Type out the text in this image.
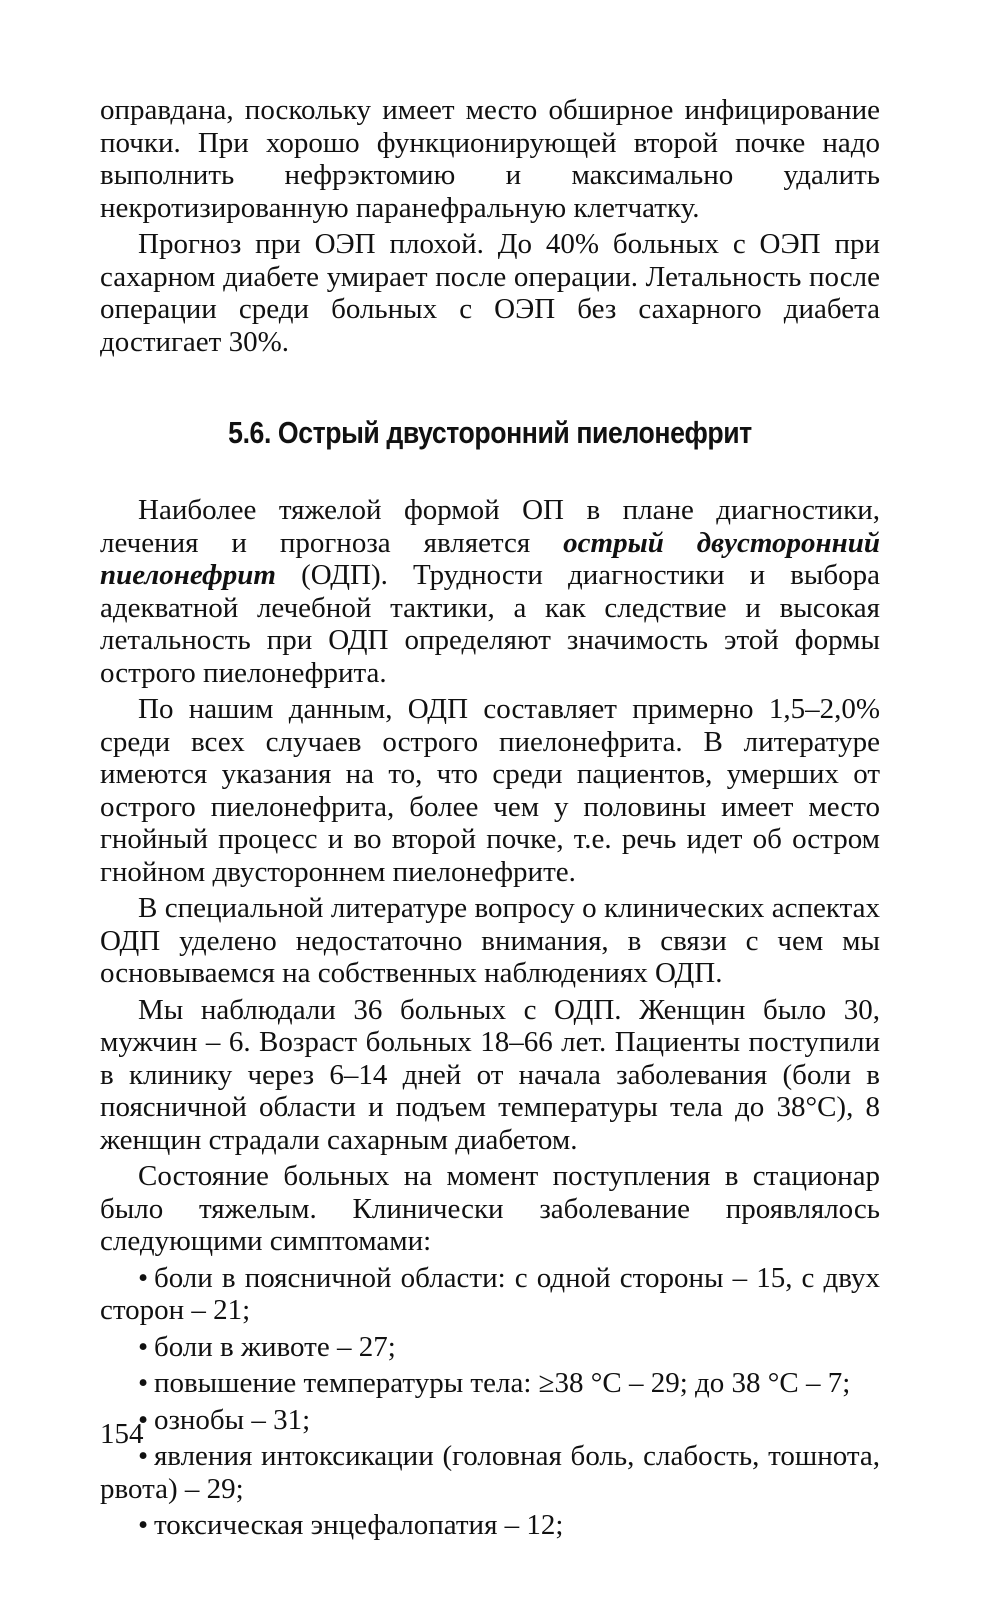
оправдана, поскольку имеет место обширное инфицирование почки. При хорошо функционирующей второй почке надо выполнить нефрэктомию и максимально удалить некротизированную паранефральную клетчатку.

Прогноз при ОЭП плохой. До 40% больных с ОЭП при сахарном диабете умирает после операции. Летальность после операции среди больных с ОЭП без сахарного диабета достигает 30%.

5.6. Острый двусторонний пиелонефрит

Наиболее тяжелой формой ОП в плане диагностики, лечения и прогноза является острый двусторонний пиелонефрит (ОДП). Трудности диагностики и выбора адекватной лечебной тактики, а как следствие и высокая летальность при ОДП определяют значимость этой формы острого пиелонефрита.

По нашим данным, ОДП составляет примерно 1,5–2,0% среди всех случаев острого пиелонефрита. В литературе имеются указания на то, что среди пациентов, умерших от острого пиелонефрита, более чем у половины имеет место гнойный процесс и во второй почке, т.е. речь идет об остром гнойном двустороннем пиелонефрите.

В специальной литературе вопросу о клинических аспектах ОДП уделено недостаточно внимания, в связи с чем мы основываемся на собственных наблюдениях ОДП.

Мы наблюдали 36 больных с ОДП. Женщин было 30, мужчин – 6. Возраст больных 18–66 лет. Пациенты поступили в клинику через 6–14 дней от начала заболевания (боли в поясничной области и подъем температуры тела до 38°С), 8 женщин страдали сахарным диабетом.

Состояние больных на момент поступления в стационар было тяжелым. Клинически заболевание проявлялось следующими симптомами:

• боли в поясничной области: с одной стороны – 15, с двух сторон – 21;
• боли в животе – 27;
• повышение температуры тела: ≥38 °С – 29; до 38 °С – 7;
• ознобы – 31;
• явления интоксикации (головная боль, слабость, тошнота, рвота) – 29;
• токсическая энцефалопатия – 12;
154
